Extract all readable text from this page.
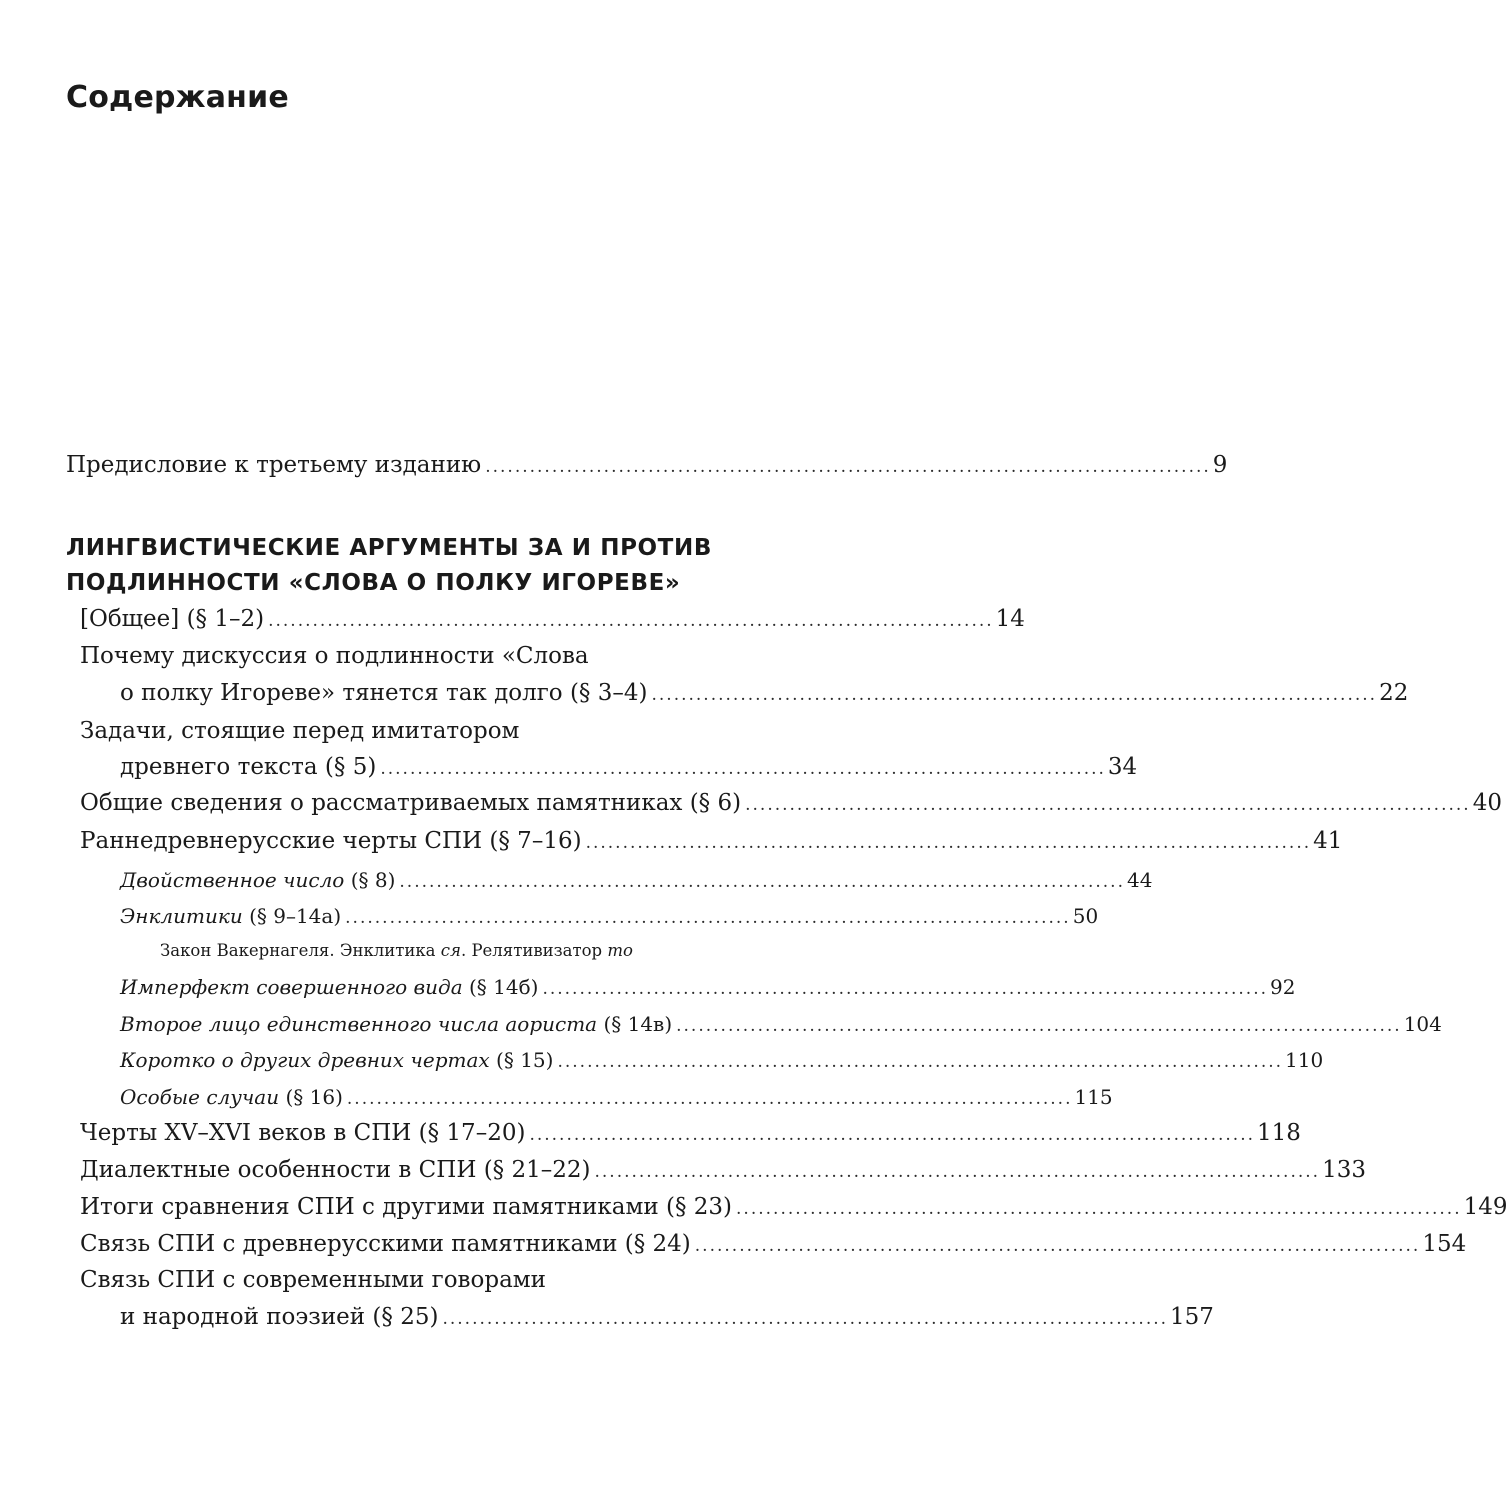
Содержание
Предисловие к третьему изданию .................................................................................................. 9
ЛИНГВИСТИЧЕСКИЕ АРГУМЕНТЫ ЗА И ПРОТИВ
ПОДЛИННОСТИ «СЛОВА О ПОЛКУ ИГОРЕВЕ»
[Общее] (§ 1–2) .................................................................................................. 14
Почему дискуссия о подлинности «Слова
о полку Игореве» тянется так долго (§ 3–4) .................................................................................................. 22
Задачи, стоящие перед имитатором
древнего текста (§ 5) .................................................................................................. 34
Общие сведения о рассматриваемых памятниках (§ 6) .................................................................................................. 40
Раннедревнерусские черты СПИ (§ 7–16) .................................................................................................. 41
Двойственное число (§ 8) .................................................................................................. 44
Энклитики (§ 9–14а) .................................................................................................. 50
Закон Вакернагеля. Энклитика ся. Релятивизатор то
Имперфект совершенного вида (§ 14б) .................................................................................................. 92
Второе лицо единственного числа аориста (§ 14в) .................................................................................................. 104
Коротко о других древних чертах (§ 15) .................................................................................................. 110
Особые случаи (§ 16) .................................................................................................. 115
Черты XV–XVI веков в СПИ (§ 17–20) .................................................................................................. 118
Диалектные особенности в СПИ (§ 21–22) .................................................................................................. 133
Итоги сравнения СПИ с другими памятниками (§ 23) .................................................................................................. 149
Связь СПИ с древнерусскими памятниками (§ 24) .................................................................................................. 154
Связь СПИ с современными говорами
и народной поэзией (§ 25) .................................................................................................. 157
